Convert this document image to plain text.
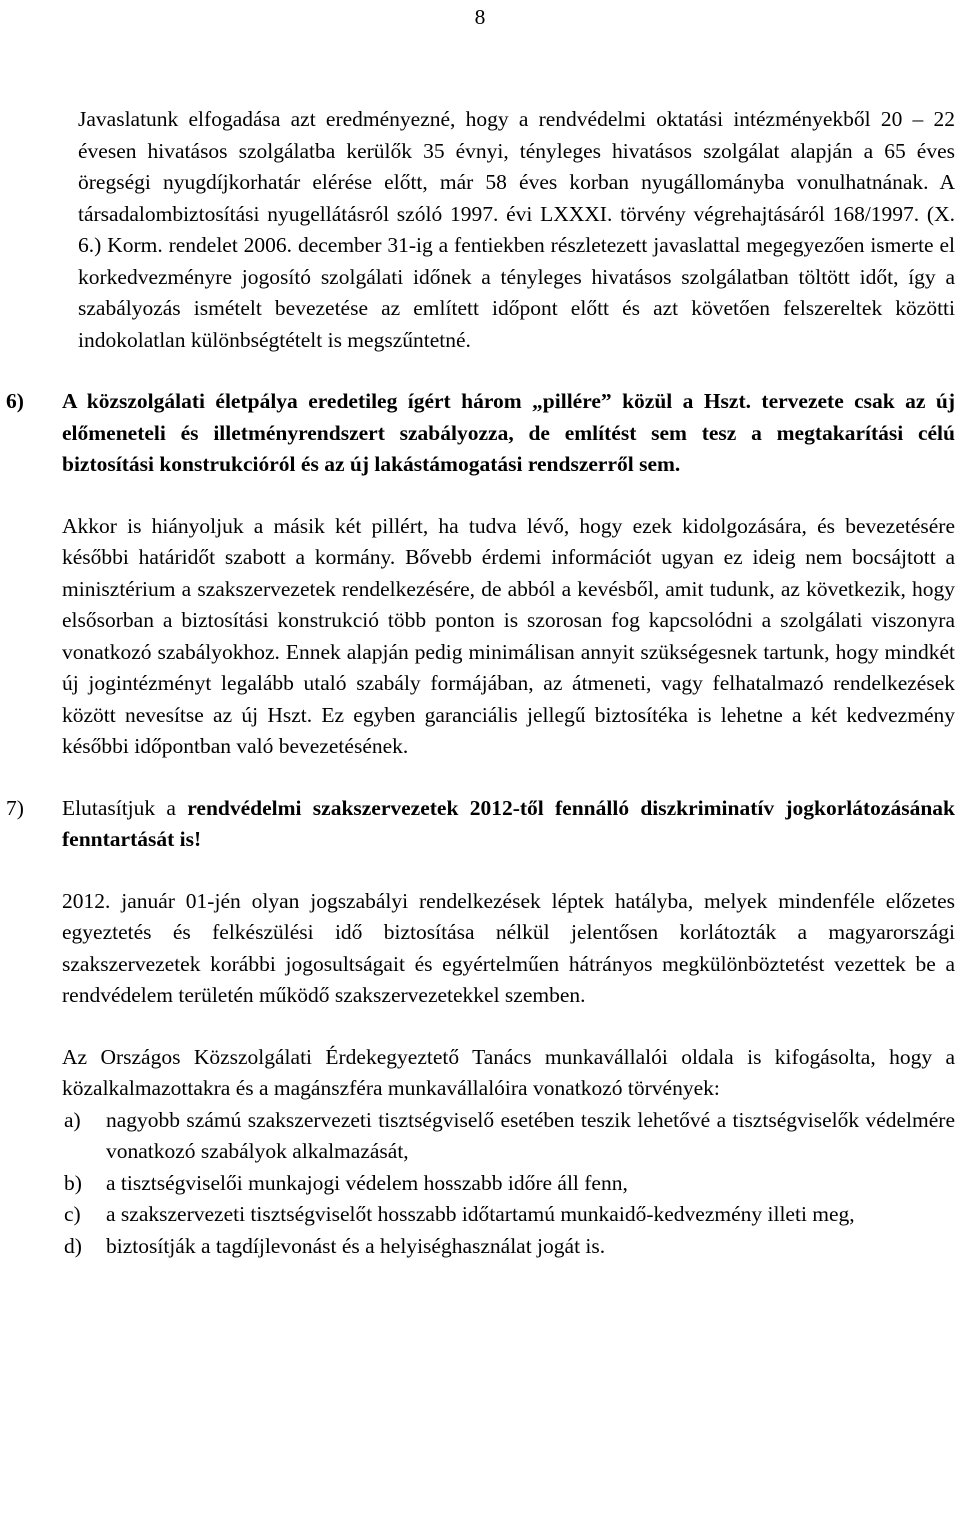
8

Javaslatunk elfogadása azt eredményezné, hogy a rendvédelmi oktatási intézményekből 20 – 22 évesen hivatásos szolgálatba kerülők 35 évnyi, tényleges hivatásos szolgálat alapján a 65 éves öregségi nyugdíjkorhatár elérése előtt, már 58 éves korban nyugállományba vonulhatnának. A társadalombiztosítási nyugellátásról szóló 1997. évi LXXXI. törvény végrehajtásáról 168/1997. (X. 6.) Korm. rendelet 2006. december 31-ig a fentiekben részletezett javaslattal megegyezően ismerte el korkedvezményre jogosító szolgálati időnek a tényleges hivatásos szolgálatban töltött időt, így a szabályozás ismételt bevezetése az említett időpont előtt és azt követően felszereltek közötti indokolatlan különbségtételt is megszűntetné.

6) A közszolgálati életpálya eredetileg ígért három „pillére” közül a Hszt. tervezete csak az új előmeneteli és illetményrendszert szabályozza, de említést sem tesz a megtakarítási célú biztosítási konstrukcióról és az új lakástámogatási rendszerről sem.

Akkor is hiányoljuk a másik két pillért, ha tudva lévő, hogy ezek kidolgozására, és bevezetésére későbbi határidőt szabott a kormány. Bővebb érdemi információt ugyan ez ideig nem bocsájtott a minisztérium a szakszervezetek rendelkezésére, de abból a kevésből, amit tudunk, az következik, hogy elsősorban a biztosítási konstrukció több ponton is szorosan fog kapcsolódni a szolgálati viszonyra vonatkozó szabályokhoz. Ennek alapján pedig minimálisan annyit szükségesnek tartunk, hogy mindkét új jogintézményt legalább utaló szabály formájában, az átmeneti, vagy felhatalmazó rendelkezések között nevesítse az új Hszt. Ez egyben garanciális jellegű biztosítéka is lehetne a két kedvezmény későbbi időpontban való bevezetésének.

7) Elutasítjuk a rendvédelmi szakszervezetek 2012-től fennálló diszkriminatív jogkorlátozásának fenntartását is!

2012. január 01-jén olyan jogszabályi rendelkezések léptek hatályba, melyek mindenféle előzetes egyeztetés és felkészülési idő biztosítása nélkül jelentősen korlátozták a magyarországi szakszervezetek korábbi jogosultságait és egyértelműen hátrányos megkülönböztetést vezettek be a rendvédelem területén működő szakszervezetekkel szemben.

Az Országos Közszolgálati Érdekegyeztető Tanács munkavállalói oldala is kifogásolta, hogy a közalkalmazottakra és a magánszféra munkavállalóira vonatkozó törvények:

a) nagyobb számú szakszervezeti tisztségviselő esetében teszik lehetővé a tisztségviselők védelmére vonatkozó szabályok alkalmazását,
b) a tisztségviselői munkajogi védelem hosszabb időre áll fenn,
c) a szakszervezeti tisztségviselőt hosszabb időtartamú munkaidő-kedvezmény illeti meg,
d) biztosítják a tagdíjlevonást és a helyiséghasználat jogát is.
